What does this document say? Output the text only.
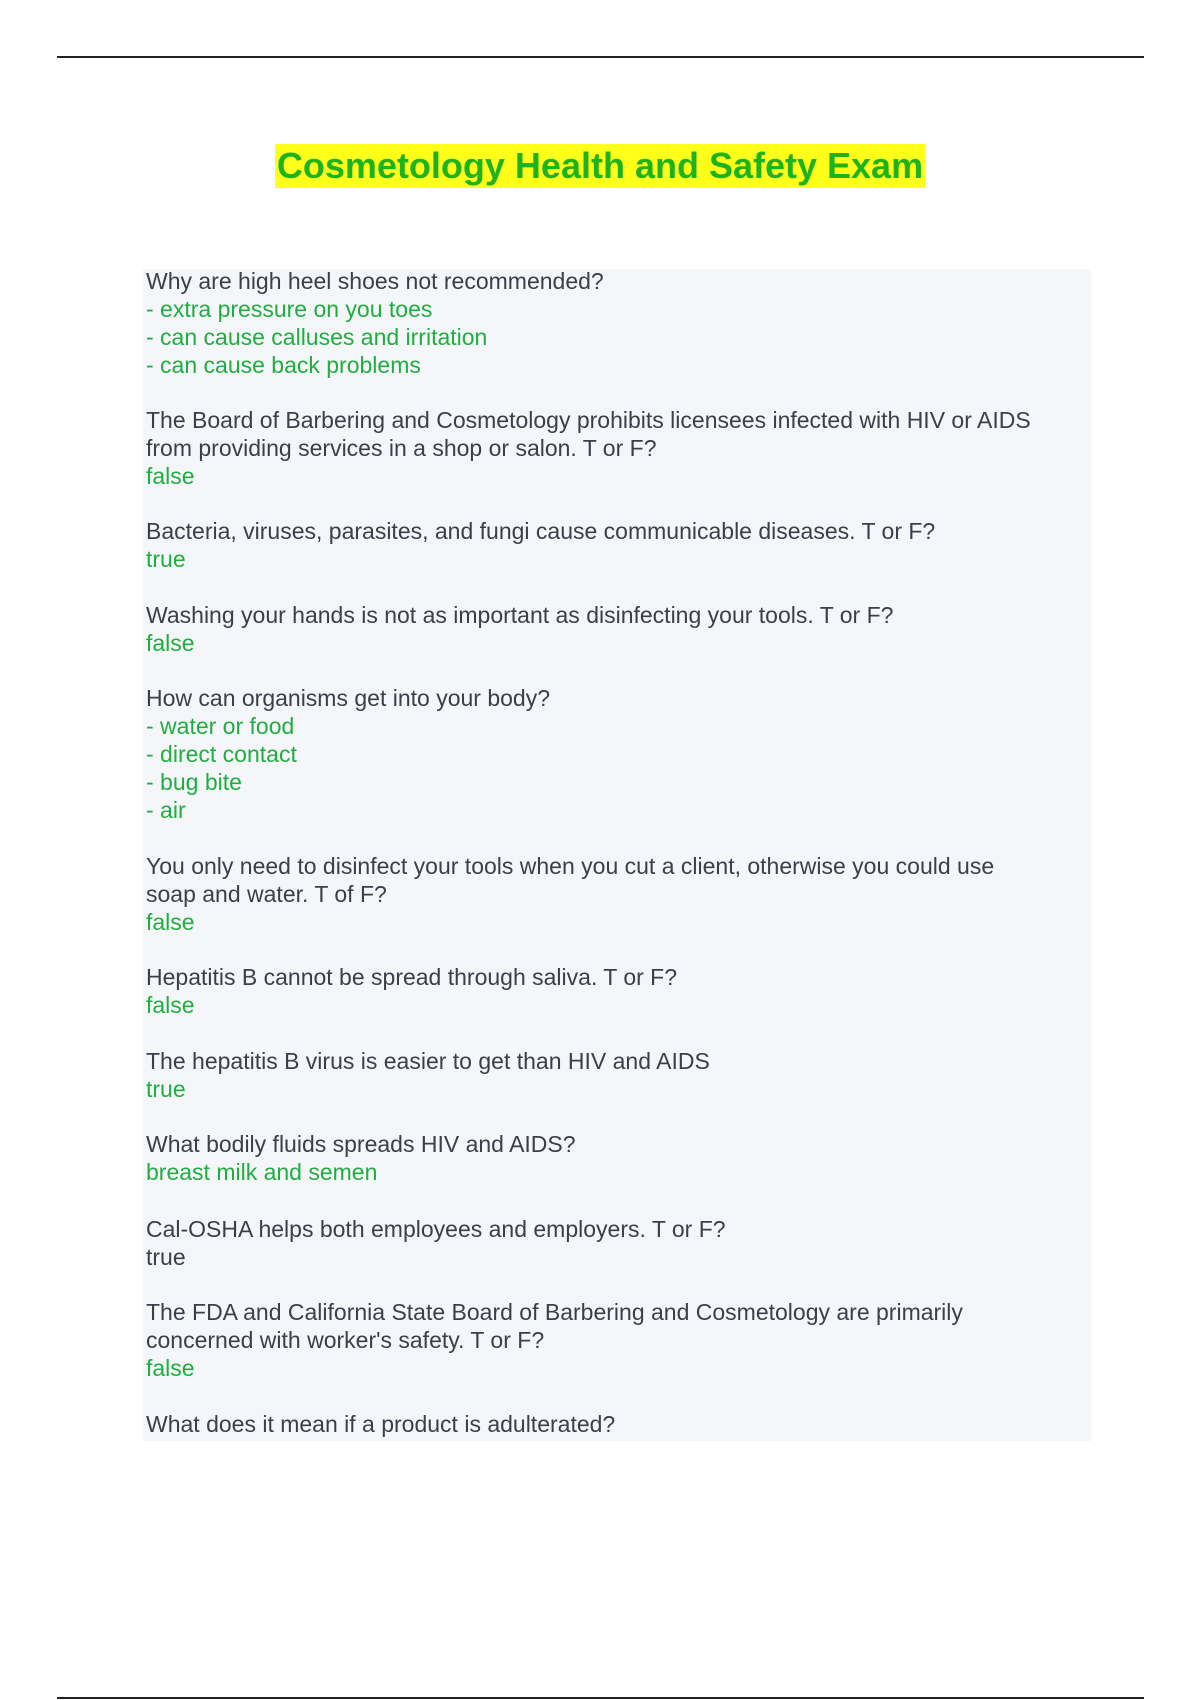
Cosmetology Health and Safety Exam
Why are high heel shoes not recommended?
- extra pressure on you toes
- can cause calluses and irritation
- can cause back problems
The Board of Barbering and Cosmetology prohibits licensees infected with HIV or AIDS
from providing services in a shop or salon. T or F?
false
Bacteria, viruses, parasites, and fungi cause communicable diseases. T or F?
true
Washing your hands is not as important as disinfecting your tools. T or F?
false
How can organisms get into your body?
- water or food
- direct contact
- bug bite
- air
You only need to disinfect your tools when you cut a client, otherwise you could use
soap and water. T of F?
false
Hepatitis B cannot be spread through saliva. T or F?
false
The hepatitis B virus is easier to get than HIV and AIDS
true
What bodily fluids spreads HIV and AIDS?
breast milk and semen
Cal-OSHA helps both employees and employers. T or F?
true
The FDA and California State Board of Barbering and Cosmetology are primarily
concerned with worker's safety. T or F?
false
What does it mean if a product is adulterated?
